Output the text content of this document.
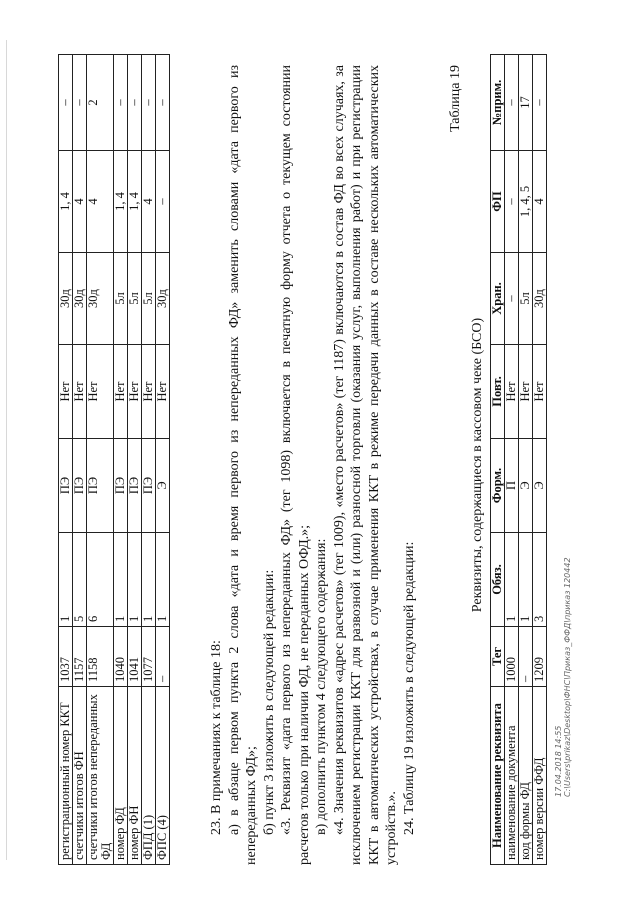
регистрационный номер ККТ	1037	1	ПЭ	Нет	30д	1, 4	–
счетчики итогов ФН	1157	5	ПЭ	Нет	30д	4	–
счетчики итогов непереданных ФД	1158	6	ПЭ	Нет	30д	4	2
номер ФД	1040	1	ПЭ	Нет	5л	1, 4	–
номер ФН	1041	1	ПЭ	Нет	5л	1, 4	–
ФПД (1)	1077	1	ПЭ	Нет	5л	4	–
ФПС (4)	–	1	Э	Нет	30д	–	–

23. В примечаниях к таблице 18: а) в абзаце первом пункта 2 слова «дата и время первого из непереданных ФД» заменить словами «дата первого из непереданных ФД»; б) пункт 3 изложить в следующей редакции: «3. Реквизит «дата первого из непереданных ФД» (тег 1098) включается в печатную форму отчета о текущем состоянии расчетов только при наличии ФД, не переданных ОФД.»; в) дополнить пунктом 4 следующего содержания: «4. Значения реквизитов «адрес расчетов» (тег 1009), «место расчетов» (тег 1187) включаются в состав ФД во всех случаях, за исключением регистрации ККТ для развозной и (или) разносной торговли (оказания услуг, выполнения работ) и при регистрации ККТ в автоматических устройствах, в случае применения ККТ в режиме передачи данных в составе нескольких автоматических устройств.». 24. Таблицу 19 изложить в следующей редакции:

Таблица 19
Реквизиты, содержащиеся в кассовом чеке (БСО)
Наименование реквизита	Тег	Обяз.	Форм.	Повт.	Хран.	ФП	№прим.
наименование документа	1000	1	П	Нет	–	–	–
код формы ФД	–	1	Э	Нет	5л	1, 4, 5	17
номер версии ФФД	1209	3	Э	Нет	30д	4	–
17.04.2018 14:55 C:\Users\prikaz\Desktop\ФНС\Приказ_ФФД\приказ 120442
